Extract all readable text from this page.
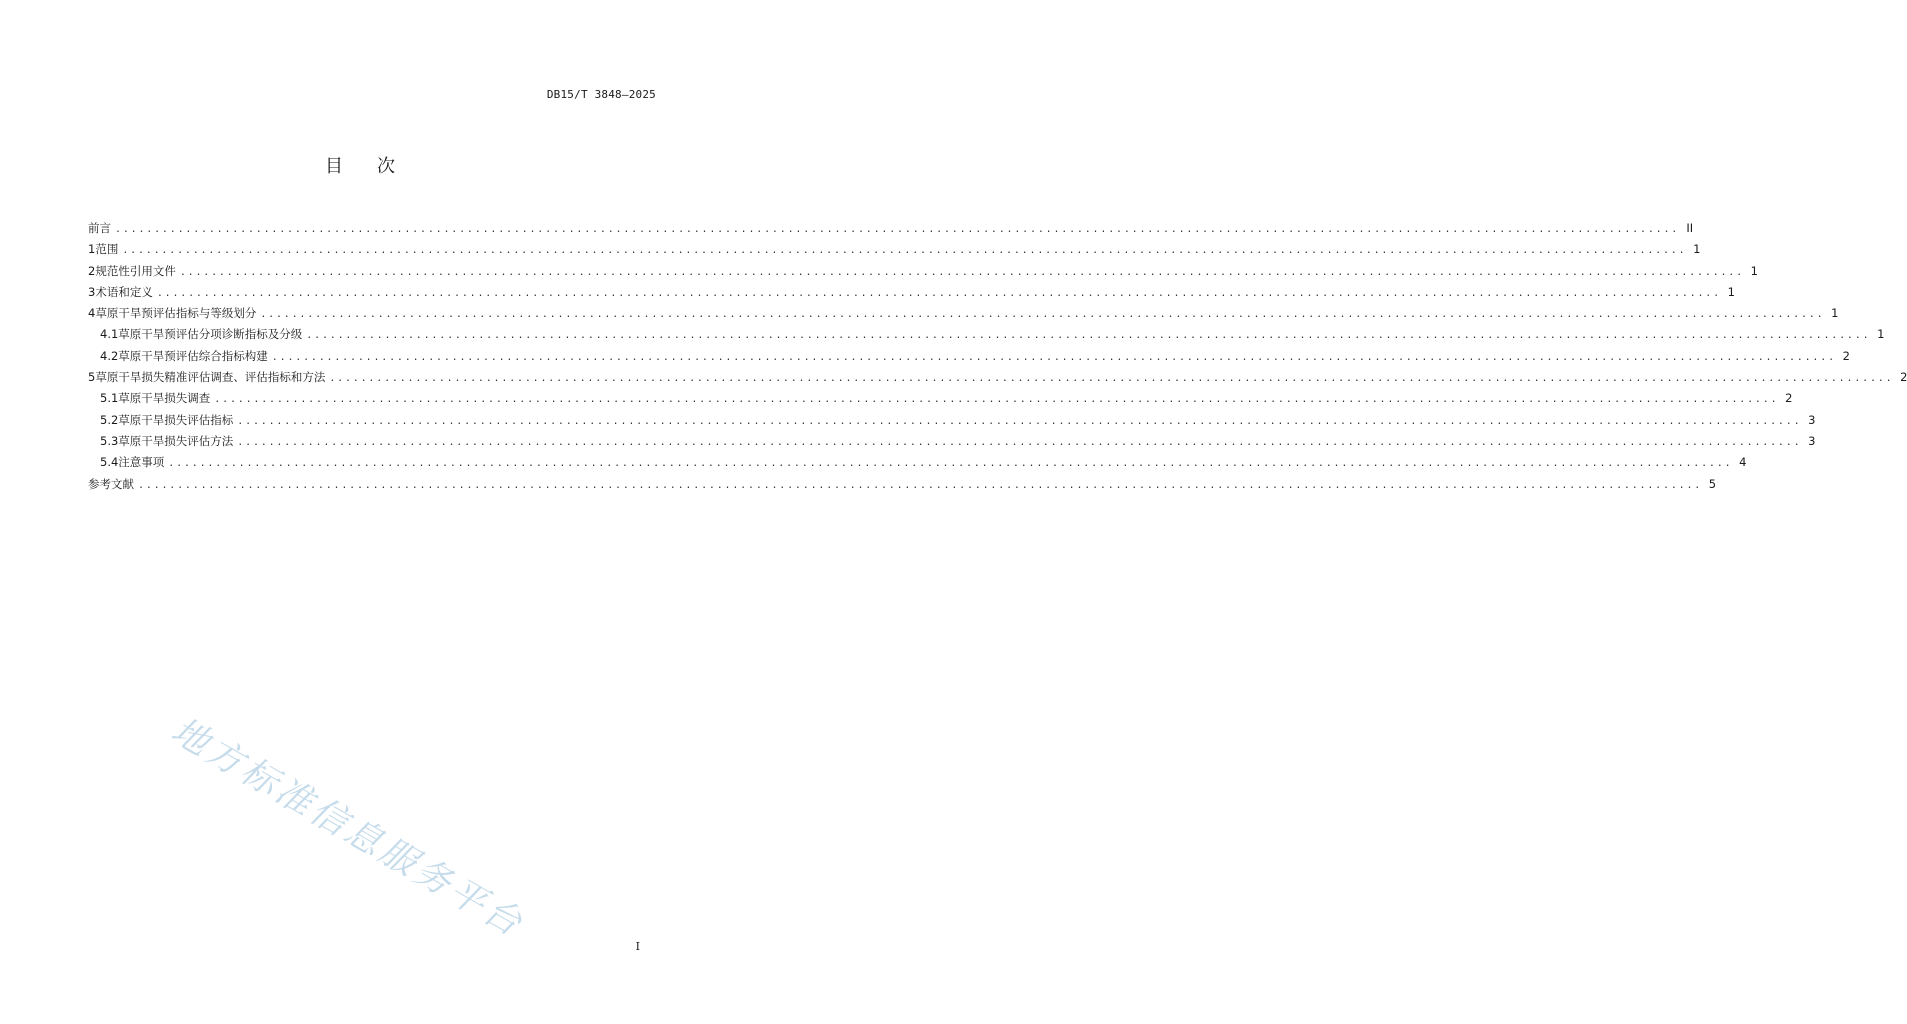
DB15/T 3848—2025
目 次
前言 ........................................................................................................................................................................................................ II
1 范围 ........................................................................................................................................................................................................ 1
2 规范性引用文件 ........................................................................................................................................................................................................ 1
3 术语和定义 ........................................................................................................................................................................................................ 1
4 草原干旱预评估指标与等级划分 ........................................................................................................................................................................................................ 1
4.1 草原干旱预评估分项诊断指标及分级 ........................................................................................................................................................................................................ 1
4.2 草原干旱预评估综合指标构建 ........................................................................................................................................................................................................ 2
5 草原干旱损失精准评估调查、评估指标和方法 ........................................................................................................................................................................................................ 2
5.1 草原干旱损失调查 ........................................................................................................................................................................................................ 2
5.2 草原干旱损失评估指标 ........................................................................................................................................................................................................ 3
5.3 草原干旱损失评估方法 ........................................................................................................................................................................................................ 3
5.4 注意事项 ........................................................................................................................................................................................................ 4
参考文献 ........................................................................................................................................................................................................ 5
地方标准信息服务平台
I
